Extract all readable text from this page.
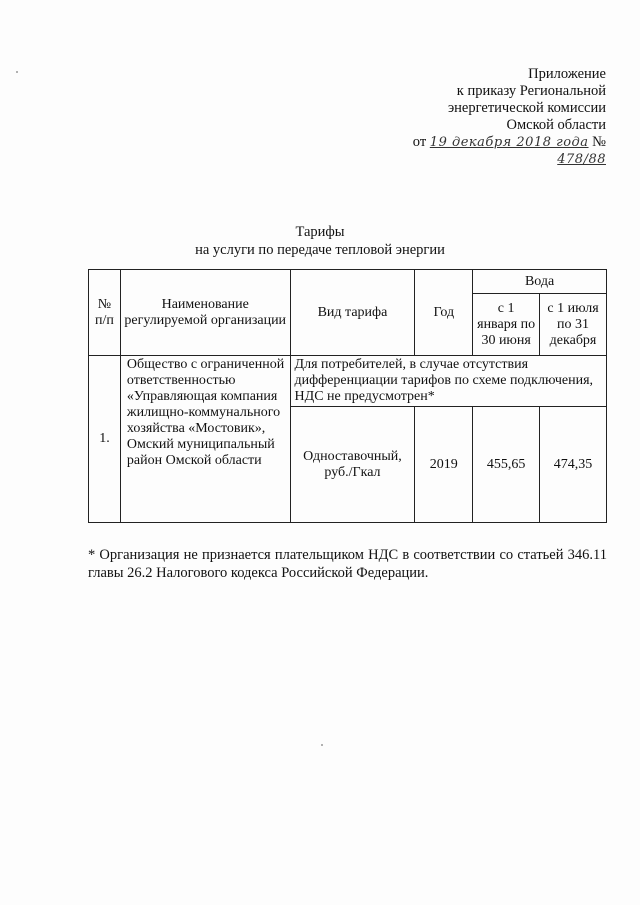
Приложение
к приказу Региональной
энергетической комиссии
Омской области
от 19 декабря 2018 года № 478/88
Тарифы
на услуги по передаче тепловой энергии
№ п/п	Наименование регулируемой организации	Вид тарифа	Год	Вода	
				с 1 января по 30 июня	с 1 июля по 31 декабря
1.	Общество с ограниченной ответственностью «Управляющая компания жилищно-коммунального хозяйства «Мостовик», Омский муниципальный район Омской области	Для потребителей, в случае отсутствия дифференциации тарифов по схеме подключения, НДС не предусмотрен*			
		Одноставочный, руб./Гкал	2019	455,65	474,35
* Организация не признается плательщиком НДС в соответствии со статьей 346.11 главы 26.2 Налогового кодекса Российской Федерации.
